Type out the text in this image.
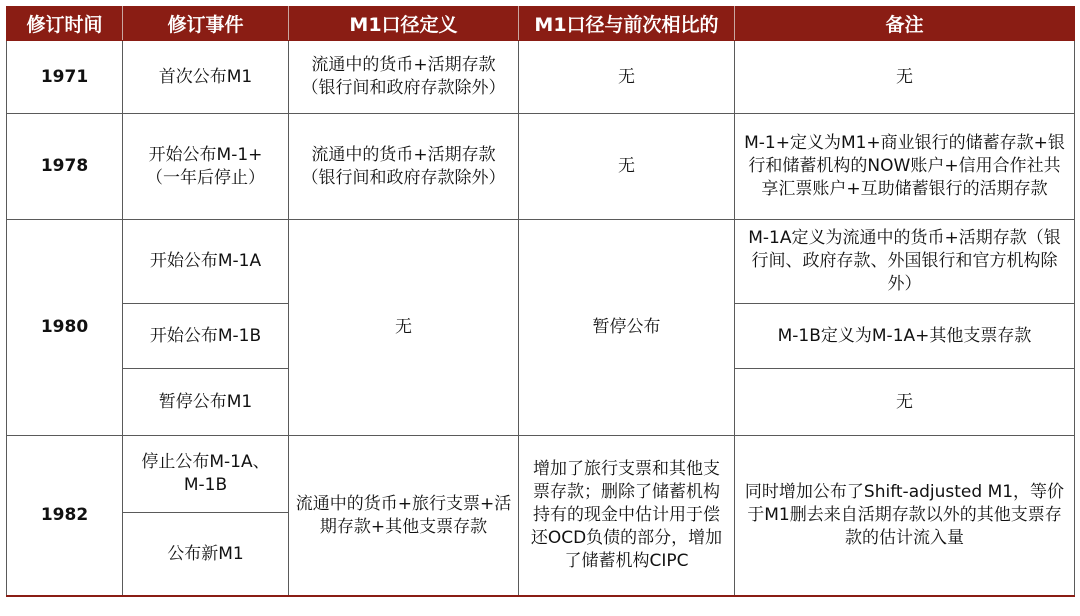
修订时间	修订事件	M1口径定义	M1口径与前次相比的	备注
1971	首次公布M1	流通中的货币+活期存款（银行间和政府存款除外）	无	无
1978	开始公布M-1+（一年后停止）	流通中的货币+活期存款（银行间和政府存款除外）	无	M-1+定义为M1+商业银行的储蓄存款+银行和储蓄机构的NOW账户+信用合作社共享汇票账户+互助储蓄银行的活期存款
1980	开始公布M-1A	无	暂停公布	M-1A定义为流通中的货币+活期存款（银行间、政府存款、外国银行和官方机构除外）
	开始公布M-1B			M-1B定义为M-1A+其他支票存款
	暂停公布M1			无
1982	停止公布M-1A、M-1B	流通中的货币+旅行支票+活期存款+其他支票存款	增加了旅行支票和其他支票存款；删除了储蓄机构持有的现金中估计用于偿还OCD负债的部分，增加了储蓄机构CIPC	同时增加公布了Shift-adjusted M1，等价于M1删去来自活期存款以外的其他支票存款的估计流入量
	公布新M1			
